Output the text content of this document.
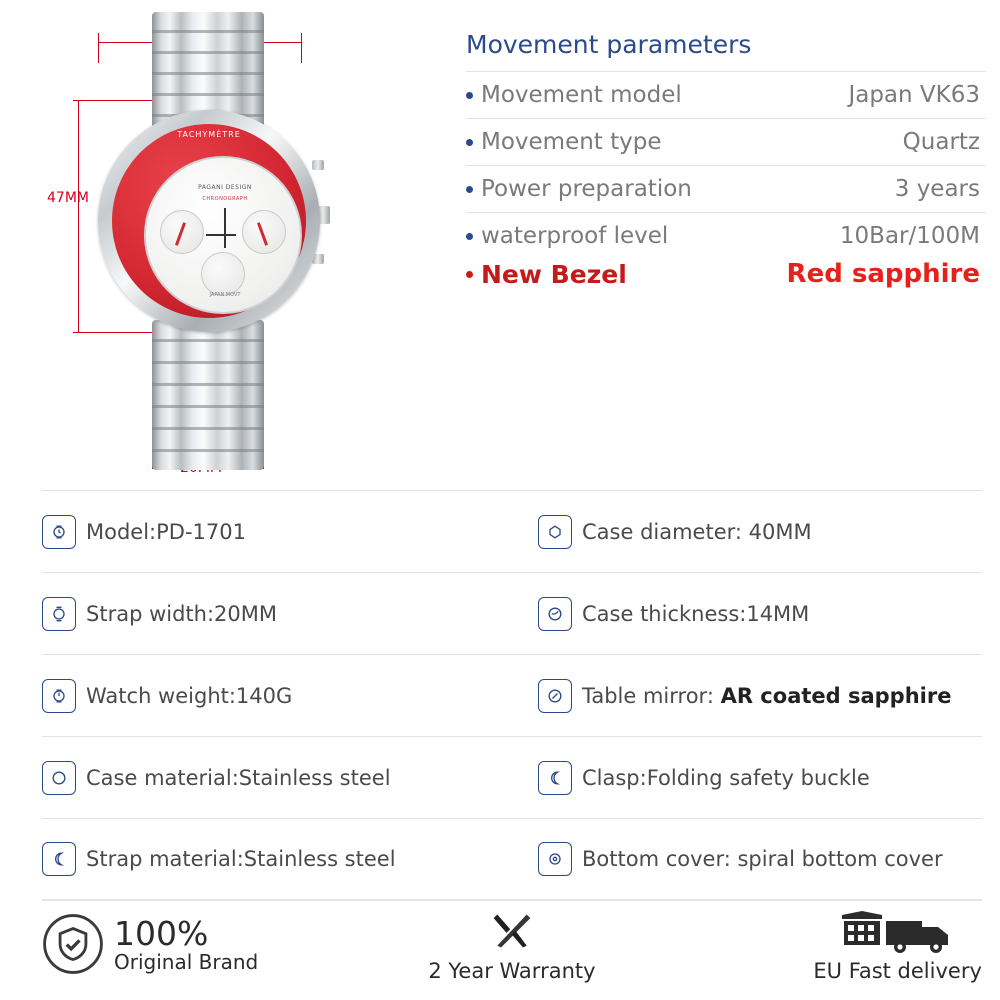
47MM
TACHYMÈTRE
PAGANI DESIGN
CHRONOGRAPH
JAPAN MOVT
Movement parameters
Movement model	Japan VK63
Movement type	Quartz
Power preparation	3 years
waterproof level	10Bar/100M
New Bezel	Red sapphire
Model:PD-1701	Case diameter: 40MM
Strap width:20MM	Case thickness:14MM
Watch weight:140G	Table mirror: AR coated sapphire
Case material:Stainless steel	Clasp:Folding safety buckle
Strap material:Stainless steel	Bottom cover: spiral bottom cover
100%
Original Brand	2 Year Warranty	EU Fast delivery
